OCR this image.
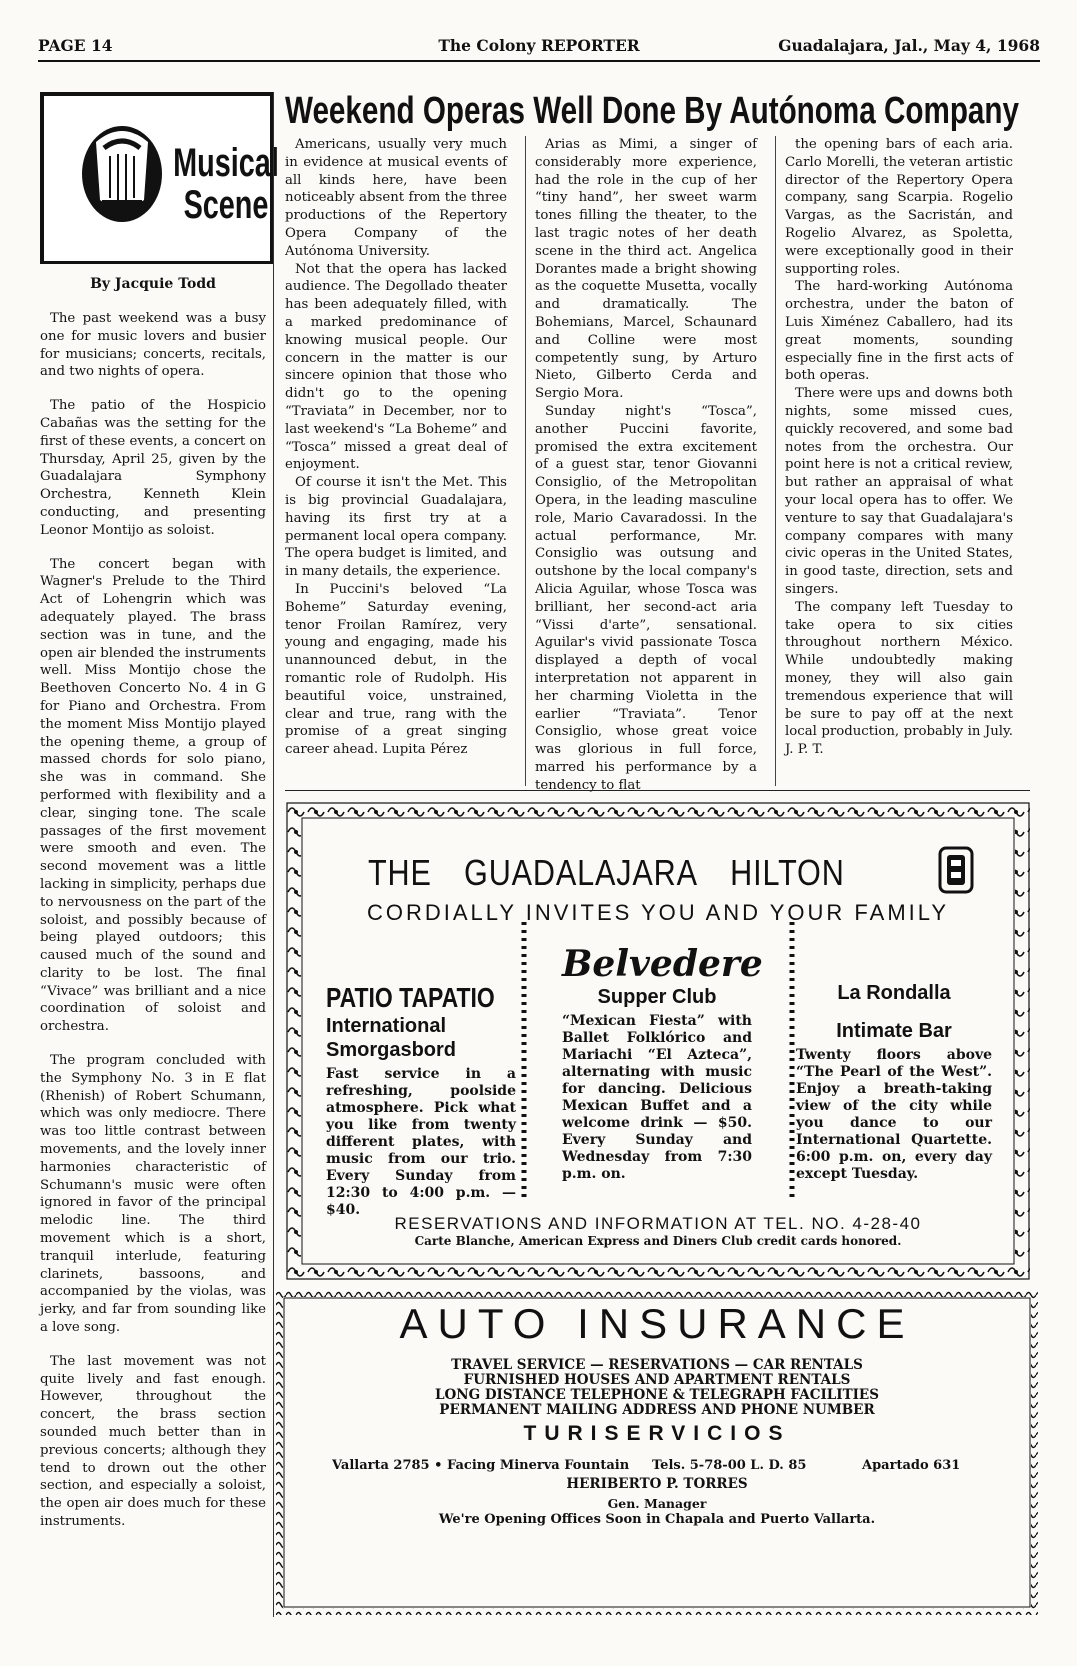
PAGE 14	The Colony REPORTER	Guadalajara, Jal., May 4, 1968
Musical
Scene
By Jacquie Todd

The past weekend was a busy one for music lovers and busier for musicians; concerts, recitals, and two nights of opera.

The patio of the Hospicio Cabañas was the setting for the first of these events, a concert on Thursday, April 25, given by the Guadalajara Symphony Orchestra, Kenneth Klein conducting, and presenting Leonor Montijo as soloist.

The concert began with Wagner's Prelude to the Third Act of Lohengrin which was adequately played. The brass section was in tune, and the open air blended the instruments well. Miss Montijo chose the Beethoven Concerto No. 4 in G for Piano and Orchestra. From the moment Miss Montijo played the opening theme, a group of massed chords for solo piano, she was in command. She performed with flexibility and a clear, singing tone. The scale passages of the first movement were smooth and even. The second movement was a little lacking in simplicity, perhaps due to nervousness on the part of the soloist, and possibly because of being played outdoors; this caused much of the sound and clarity to be lost. The final “Vivace” was brilliant and a nice coordination of soloist and orchestra.

The program concluded with the Symphony No. 3 in E flat (Rhenish) of Robert Schumann, which was only mediocre. There was too little contrast between movements, and the lovely inner harmonies characteristic of Schumann's music were often ignored in favor of the principal melodic line. The third movement which is a short, tranquil interlude, featuring clarinets, bassoons, and accompanied by the violas, was jerky, and far from sounding like a love song.

The last movement was not quite lively and fast enough. However, throughout the concert, the brass section sounded much better than in previous concerts; although they tend to drown out the other section, and especially a soloist, the open air does much for these instruments.

Weekend Operas Well Done By Autónoma Company

Americans, usually very much in evidence at musical events of all kinds here, have been noticeably absent from the three productions of the Repertory Opera Company of the Autónoma University.

Not that the opera has lacked audience. The Degollado theater has been adequately filled, with a marked predominance of knowing musical people. Our concern in the matter is our sincere opinion that those who didn't go to the opening “Traviata” in December, nor to last weekend's “La Boheme” and “Tosca” missed a great deal of enjoyment.

Of course it isn't the Met. This is big provincial Guadalajara, having its first try at a permanent local opera company. The opera budget is limited, and in many details, the experience.

In Puccini's beloved “La Boheme” Saturday evening, tenor Froilan Ramírez, very young and engaging, made his unannounced debut, in the romantic role of Rudolph. His beautiful voice, unstrained, clear and true, rang with the promise of a great singing career ahead. Lupita Pérez

Arias as Mimi, a singer of considerably more experience, had the role in the cup of her “tiny hand”, her sweet warm tones filling the theater, to the last tragic notes of her death scene in the third act. Angelica Dorantes made a bright showing as the coquette Musetta, vocally and dramatically. The Bohemians, Marcel, Schaunard and Colline were most competently sung, by Arturo Nieto, Gilberto Cerda and Sergio Mora.

Sunday night's “Tosca”, another Puccini favorite, promised the extra excitement of a guest star, tenor Giovanni Consiglio, of the Metropolitan Opera, in the leading masculine role, Mario Cavaradossi. In the actual performance, Mr. Consiglio was outsung and outshone by the local company's Alicia Aguilar, whose Tosca was brilliant, her second-act aria “Vissi d'arte”, sensational. Aguilar's vivid passionate Tosca displayed a depth of vocal interpretation not apparent in her charming Violetta in the earlier “Traviata”. Tenor Consiglio, whose great voice was glorious in full force, marred his performance by a tendency to flat

the opening bars of each aria. Carlo Morelli, the veteran artistic director of the Repertory Opera company, sang Scarpia. Rogelio Vargas, as the Sacristán, and Rogelio Alvarez, as Spoletta, were exceptionally good in their supporting roles.

The hard-working Autónoma orchestra, under the baton of Luis Ximénez Caballero, had its great moments, sounding especially fine in the first acts of both operas.

There were ups and downs both nights, some missed cues, quickly recovered, and some bad notes from the orchestra. Our point here is not a critical review, but rather an appraisal of what your local opera has to offer. We venture to say that Guadalajara's company compares with many civic operas in the United States, in good taste, direction, sets and singers.

The company left Tuesday to take opera to six cities throughout northern México. While undoubtedly making money, they will also gain tremendous experience that will be sure to pay off at the next local production, probably in July. J. P. T.

THE GUADALAJARA HILTON
CORDIALLY INVITES YOU AND YOUR FAMILY
PATIO TAPATIO
International
Smorgasbord

Fast service in a refreshing, poolside atmosphere. Pick what you like from twenty different plates, with music from our trio. Every Sunday from 12:30 to 4:00 p.m. — $40.

Belvedere
Supper Club

“Mexican Fiesta” with Ballet Folklórico and Mariachi “El Azteca”, alternating with music for dancing. Delicious Mexican Buffet and a welcome drink — $50. Every Sunday and Wednesday from 7:30 p.m. on.

La Rondalla
Intimate Bar

Twenty floors above “The Pearl of the West”. Enjoy a breath-taking view of the city while you dance to our International Quartette. 6:00 p.m. on, every day except Tuesday.

RESERVATIONS AND INFORMATION AT TEL. NO. 4-28-40
Carte Blanche, American Express and Diners Club credit cards honored.
AUTO INSURANCE
TRAVEL SERVICE — RESERVATIONS — CAR RENTALS
FURNISHED HOUSES AND APARTMENT RENTALS
LONG DISTANCE TELEPHONE & TELEGRAPH FACILITIES
PERMANENT MAILING ADDRESS AND PHONE NUMBER
TURISERVICIOS
Vallarta 2785 • Facing Minerva Fountain Tels. 5-78-00 L. D. 85	Apartado 631
HERIBERTO P. TORRES
Gen. Manager
We're Opening Offices Soon in Chapala and Puerto Vallarta.
